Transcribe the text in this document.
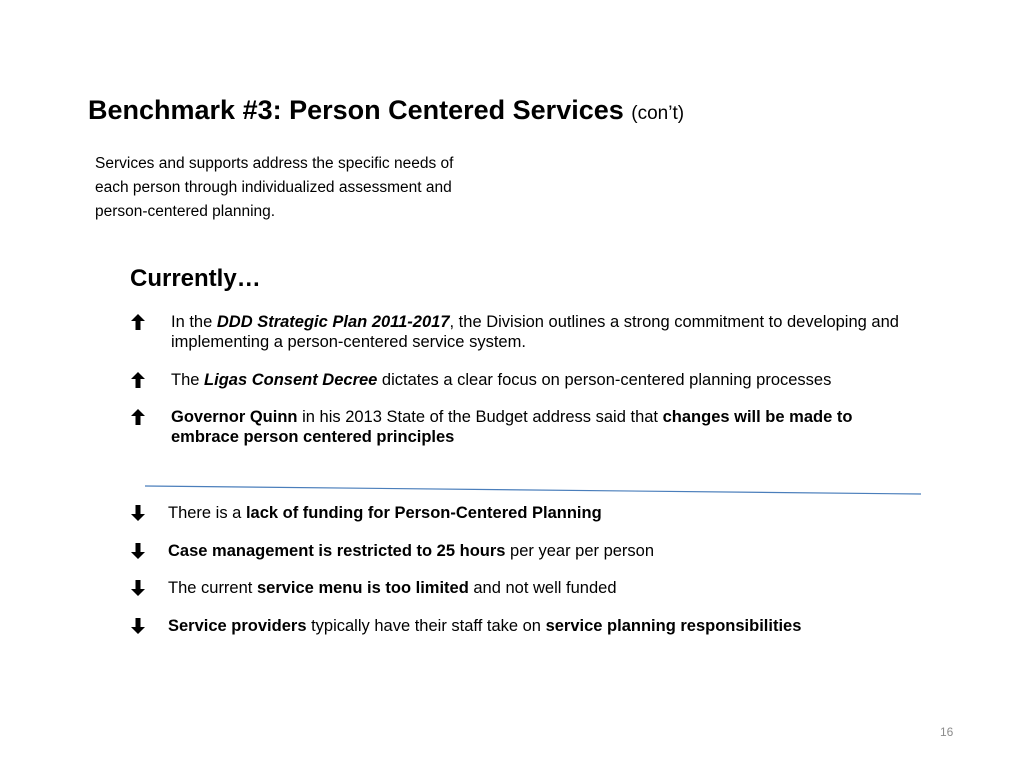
Benchmark #3: Person Centered Services (con’t)
Services and supports address the specific needs of each person through individualized assessment and person-centered planning.
Currently…
In the DDD Strategic Plan 2011-2017, the Division outlines a strong commitment to developing and implementing a person-centered service system.
The Ligas Consent Decree dictates a clear focus on person-centered planning processes
Governor Quinn in his 2013 State of the Budget address said that changes will be made to embrace person centered principles
There is a lack of funding for Person-Centered Planning
Case management is restricted to 25 hours per year per person
The current service menu is too limited and not well funded
Service providers typically have their staff take on service planning responsibilities
16
